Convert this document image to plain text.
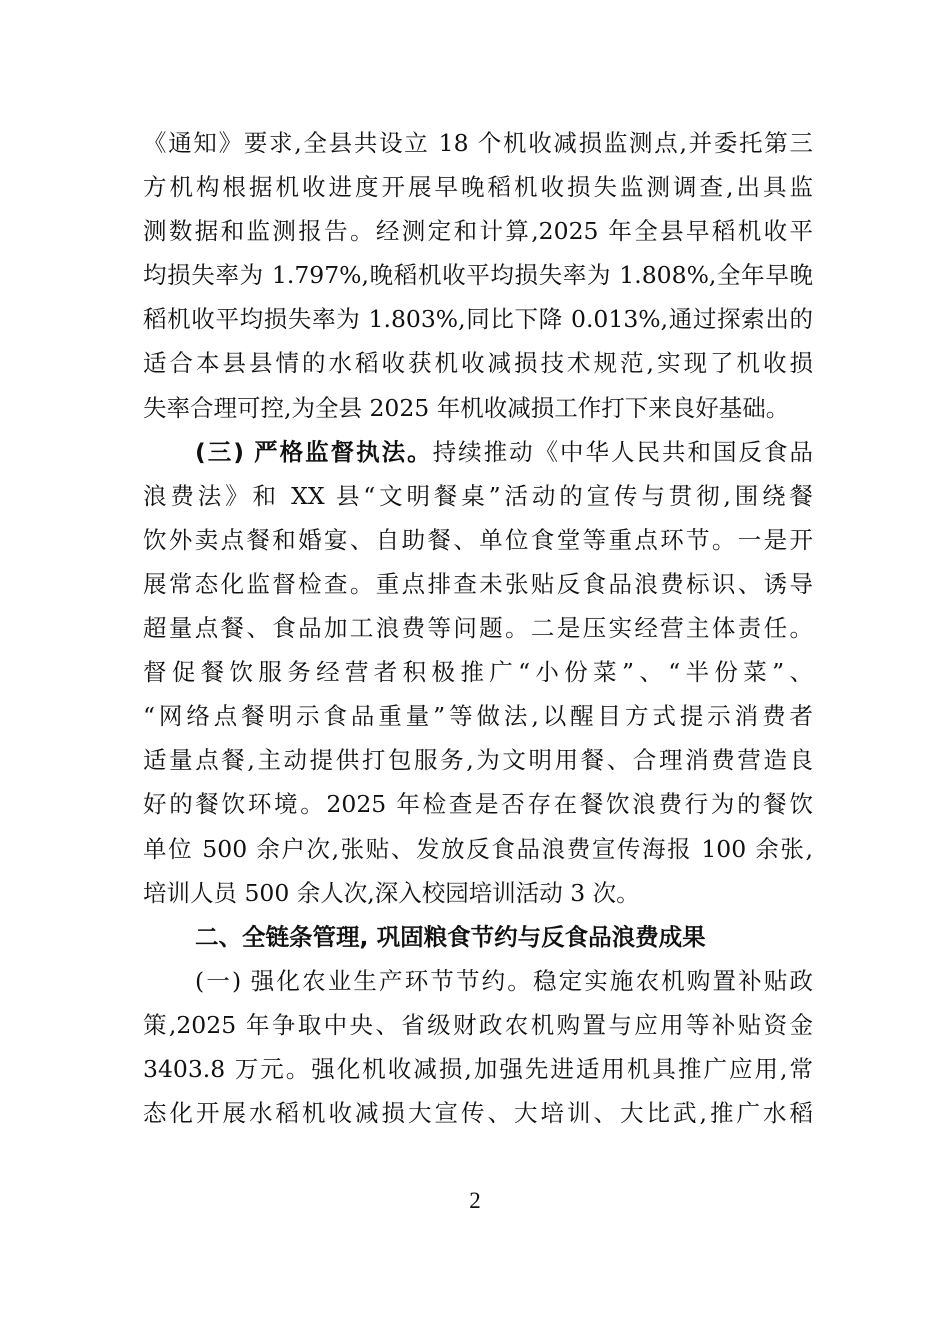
《通知》要求,全县共设立 18 个机收减损监测点,并委托第三
方机构根据机收进度开展早晚稻机收损失监测调查,出具监
测数据和监测报告。经测定和计算,2025 年全县早稻机收平
均损失率为 1.797%,晚稻机收平均损失率为 1.808%,全年早晚
稻机收平均损失率为 1.803%,同比下降 0.013%,通过探索出的
适合本县县情的水稻收获机收减损技术规范,实现了机收损
失率合理可控,为全县 2025 年机收减损工作打下来良好基础。
(三) 严格监督执法。持续推动《中华人民共和国反食品
浪费法》和 XX 县“文明餐桌”活动的宣传与贯彻,围绕餐
饮外卖点餐和婚宴、自助餐、单位食堂等重点环节。一是开
展常态化监督检查。重点排查未张贴反食品浪费标识、诱导
超量点餐、食品加工浪费等问题。二是压实经营主体责任。
督促餐饮服务经营者积极推广“小份菜”、“半份菜”、
“网络点餐明示食品重量”等做法,以醒目方式提示消费者
适量点餐,主动提供打包服务,为文明用餐、合理消费营造良
好的餐饮环境。2025 年检查是否存在餐饮浪费行为的餐饮
单位 500 余户次,张贴、发放反食品浪费宣传海报 100 余张,
培训人员 500 余人次,深入校园培训活动 3 次。
二、全链条管理, 巩固粮食节约与反食品浪费成果
(一) 强化农业生产环节节约。稳定实施农机购置补贴政
策,2025 年争取中央、省级财政农机购置与应用等补贴资金
3403.8 万元。强化机收减损,加强先进适用机具推广应用,常
态化开展水稻机收减损大宣传、大培训、大比武,推广水稻
2
